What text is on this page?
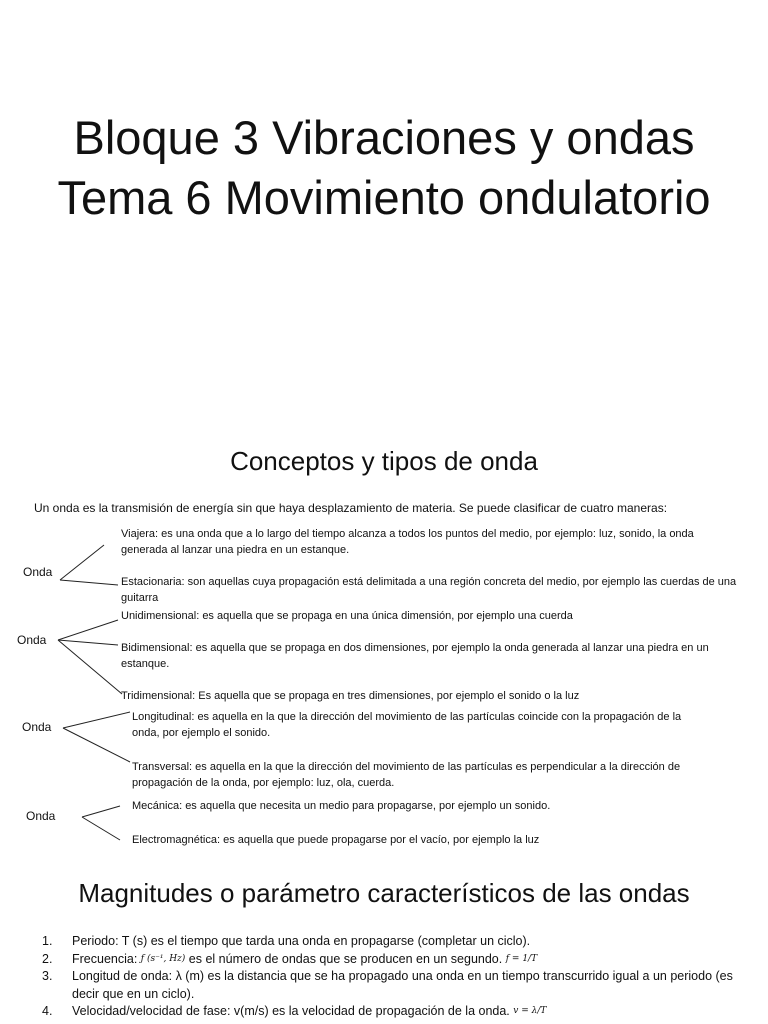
Bloque 3 Vibraciones y ondas
Tema 6 Movimiento ondulatorio
Conceptos y tipos de onda
Un onda es la transmisión de energía sin que haya desplazamiento de materia. Se puede clasificar de cuatro maneras:
Onda
Viajera: es una onda que a lo largo del tiempo alcanza a todos los puntos del medio, por ejemplo: luz, sonido, la onda generada al lanzar una piedra en un estanque.
Estacionaria: son aquellas cuya propagación está delimitada a una región concreta del medio, por ejemplo las cuerdas de una guitarra
Onda
Unidimensional: es aquella que se propaga en una única dimensión, por ejemplo una cuerda
Bidimensional: es aquella que se propaga en dos dimensiones, por ejemplo la onda generada al lanzar una piedra en un estanque.
Tridimensional: Es aquella que se propaga en tres dimensiones, por ejemplo el sonido o la luz
Onda
Longitudinal: es aquella en la que la dirección del movimiento de las partículas coincide con la propagación de la onda, por ejemplo el sonido.
Transversal: es aquella en la que la dirección del movimiento de las partículas es perpendicular a la dirección de propagación de la onda, por ejemplo: luz, ola, cuerda.
Onda
Mecánica: es aquella que necesita un medio para propagarse, por ejemplo un sonido.
Electromagnética: es aquella que puede propagarse por el vacío, por ejemplo la luz
Magnitudes o parámetro característicos de las ondas
1. Periodo: T (s) es el tiempo que tarda una onda en propagarse (completar un ciclo).
2. Frecuencia: ƒ (s⁻¹, Hz) es el número de ondas que se producen en un segundo. f = 1/T
3. Longitud de onda: λ (m) es la distancia que se ha propagado una onda en un tiempo transcurrido igual a un periodo (es decir que en un ciclo).
4. Velocidad/velocidad de fase: v(m/s) es la velocidad de propagación de la onda. v = λ/T
